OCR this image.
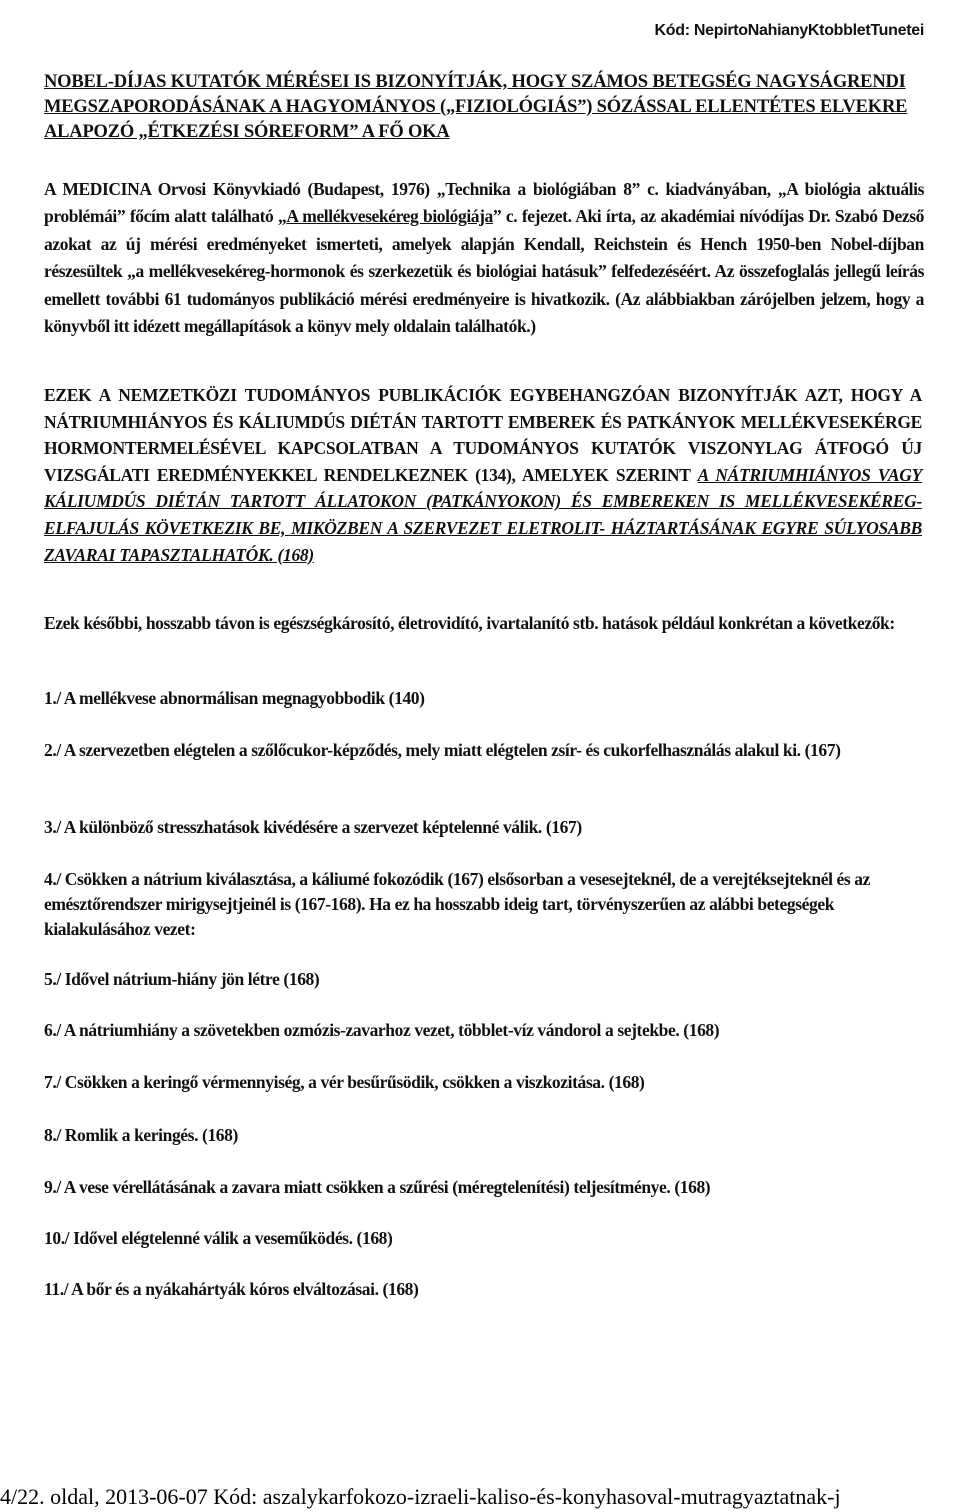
Kód: NepirtoNahianyKtobbletTunetei
NOBEL-DÍJAS KUTATÓK MÉRÉSEI IS BIZONYÍTJÁK, HOGY SZÁMOS BETEGSÉG NAGYSÁGRENDI MEGSZAPORODÁSÁNAK A HAGYOMÁNYOS („FIZIOLÓGIÁS”) SÓZÁSSAL ELLENTÉTES ELVEKRE ALAPOZÓ „ÉTKEZÉSI SÓREFORM” A FŐ OKA
A MEDICINA Orvosi Könyvkiadó (Budapest, 1976) „Technika a biológiában 8” c. kiadványában, „A biológia aktuális problémái” főcím alatt található „A mellékvesekéreg biológiája” c. fejezet. Aki írta, az akadémiai nívódíjas Dr. Szabó Dezső azokat az új mérési eredményeket ismerteti, amelyek alapján Kendall, Reichstein és Hench 1950-ben Nobel-díjban részesültek „a mellékvesekéreg-hormonok és szerkezetük és biológiai hatásuk” felfedezéséért. Az összefoglalás jellegű leírás emellett további 61 tudományos publikáció mérési eredményeire is hivatkozik. (Az alábbiakban zárójelben jelzem, hogy a könyvből itt idézett megállapítások a könyv mely oldalain találhatók.)
EZEK A NEMZETKÖZI TUDOMÁNYOS PUBLIKÁCIÓK EGYBEHANGZÓAN BIZONYÍTJÁK AZT, HOGY A NÁTRIUMHIÁNYOS ÉS KÁLIUMDÚS DIÉTÁN TARTOTT EMBEREK ÉS PATKÁNYOK MELLÉKVESEKÉRGE HORMONTERMELÉSÉVEL KAPCSOLATBAN A TUDOMÁNYOS KUTATÓK VISZONYLAG ÁTFOGÓ ÚJ VIZSGÁLATI EREDMÉNYEKKEL RENDELKEZNEK (134), AMELYEK SZERINT A NÁTRIUMHIÁNYOS VAGY KÁLIUMDÚS DIÉTÁN TARTOTT ÁLLATOKON (PATKÁNYOKON) ÉS EMBEREKEN IS MELLÉKVESEKÉREG-ELFAJULÁS KÖVETKEZIK BE, MIKÖZBEN A SZERVEZET ELETROLIT- HÁZTARTÁSÁNAK EGYRE SÚLYOSABB ZAVARAI TAPASZTALHATÓK. (168)
Ezek későbbi, hosszabb távon is egészségkárosító, életrovidító, ivartalanító stb. hatások például konkrétan a következők:
1./ A mellékvese abnormálisan megnagyobbodik (140)
2./ A szervezetben elégtelen a szőlőcukor-képződés, mely miatt elégtelen zsír- és cukorfelhasználás alakul ki. (167)
3./ A különböző stresszhatások kivédésére a szervezet képtelenné válik. (167)
4./ Csökken a nátrium kiválasztása, a káliumé fokozódik (167) elsősorban a vesesejteknél, de a verejtéksejteknél és az emésztőrendszer mirigysejtjeinél is (167-168). Ha ez ha hosszabb ideig tart, törvényszerűen az alábbi betegségek kialakulásához vezet:
5./ Idővel nátrium-hiány jön létre (168)
6./ A nátriumhiány a szövetekben ozmózis-zavarhoz vezet, többlet-víz vándorol a sejtekbe. (168)
7./ Csökken a keringő vérmennyiség, a vér besűrűsödik, csökken a viszkozitása. (168)
8./ Romlik a keringés. (168)
9./ A vese vérellátásának a zavara miatt csökken a szűrési (méregtelenítési) teljesítménye. (168)
10./ Idővel elégtelenné válik a veseműködés. (168)
11./ A bőr és a nyákahártyák kóros elváltozásai. (168)
4/22. oldal, 2013-06-07 Kód: aszalykarfokozo-izraeli-kaliso-és-konyhasoval-mutragyaztatnak-j
